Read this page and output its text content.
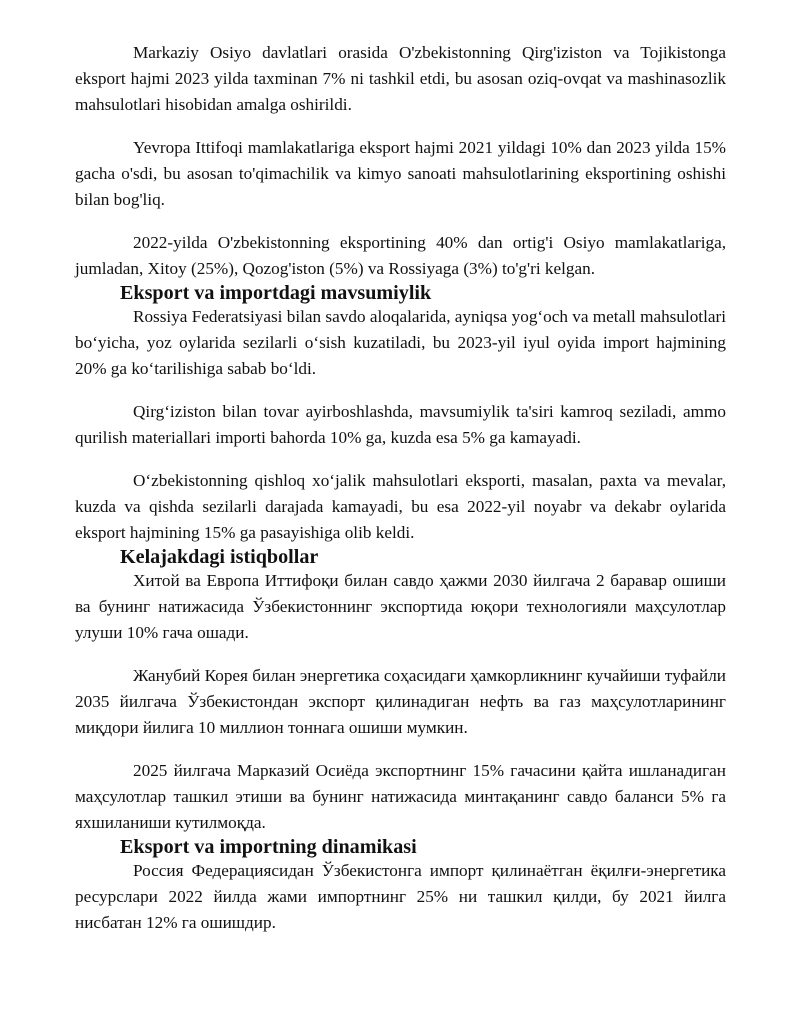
Markaziy Osiyo davlatlari orasida O'zbekistonning Qirg'iziston va Tojikistonga eksport hajmi 2023 yilda taxminan 7% ni tashkil etdi, bu asosan oziq-ovqat va mashinasozlik mahsulotlari hisobidan amalga oshirildi.

Yevropa Ittifoqi mamlakatlariga eksport hajmi 2021 yildagi 10% dan 2023 yilda 15% gacha o'sdi, bu asosan to'qimachilik va kimyo sanoati mahsulotlarining eksportining oshishi bilan bog'liq.

2022-yilda O'zbekistonning eksportining 40% dan ortig'i Osiyo mamlakatlariga, jumladan, Xitoy (25%), Qozog'iston (5%) va Rossiyaga (3%) to'g'ri kelgan.

Eksport va importdagi mavsumiylik

Rossiya Federatsiyasi bilan savdo aloqalarida, ayniqsa yog‘och va metall mahsulotlari bo‘yicha, yoz oylarida sezilarli o‘sish kuzatiladi, bu 2023-yil iyul oyida import hajmining 20% ga ko‘tarilishiga sabab bo‘ldi.

Qirg‘iziston bilan tovar ayirboshlashda, mavsumiylik ta'siri kamroq seziladi, ammo qurilish materiallari importi bahorda 10% ga, kuzda esa 5% ga kamayadi.

O‘zbekistonning qishloq xo‘jalik mahsulotlari eksporti, masalan, paxta va mevalar, kuzda va qishda sezilarli darajada kamayadi, bu esa 2022-yil noyabr va dekabr oylarida eksport hajmining 15% ga pasayishiga olib keldi.

Kelajakdagi istiqbollar

Хитой ва Европа Иттифоқи билан савдо ҳажми 2030 йилгача 2 баравар ошиши ва бунинг натижасида Ўзбекистоннинг экспортида юқори технологияли маҳсулотлар улуши 10% гача ошади.

Жанубий Корея билан энергетика соҳасидаги ҳамкорликнинг кучайиши туфайли 2035 йилгача Ўзбекистондан экспорт қилинадиган нефть ва газ маҳсулотларининг миқдори йилига 10 миллион тоннага ошиши мумкин.

2025 йилгача Марказий Осиёда экспортнинг 15% гачасини қайта ишланадиган маҳсулотлар ташкил этиши ва бунинг натижасида минтақанинг савдо баланси 5% га яхшиланиши кутилмоқда.

Eksport va importning dinamikasi

Россия Федерациясидан Ўзбекистонга импорт қилинаётган ёқилғи-энергетика ресурслари 2022 йилда жами импортнинг 25% ни ташкил қилди, бу 2021 йилга нисбатан 12% га ошишдир.
